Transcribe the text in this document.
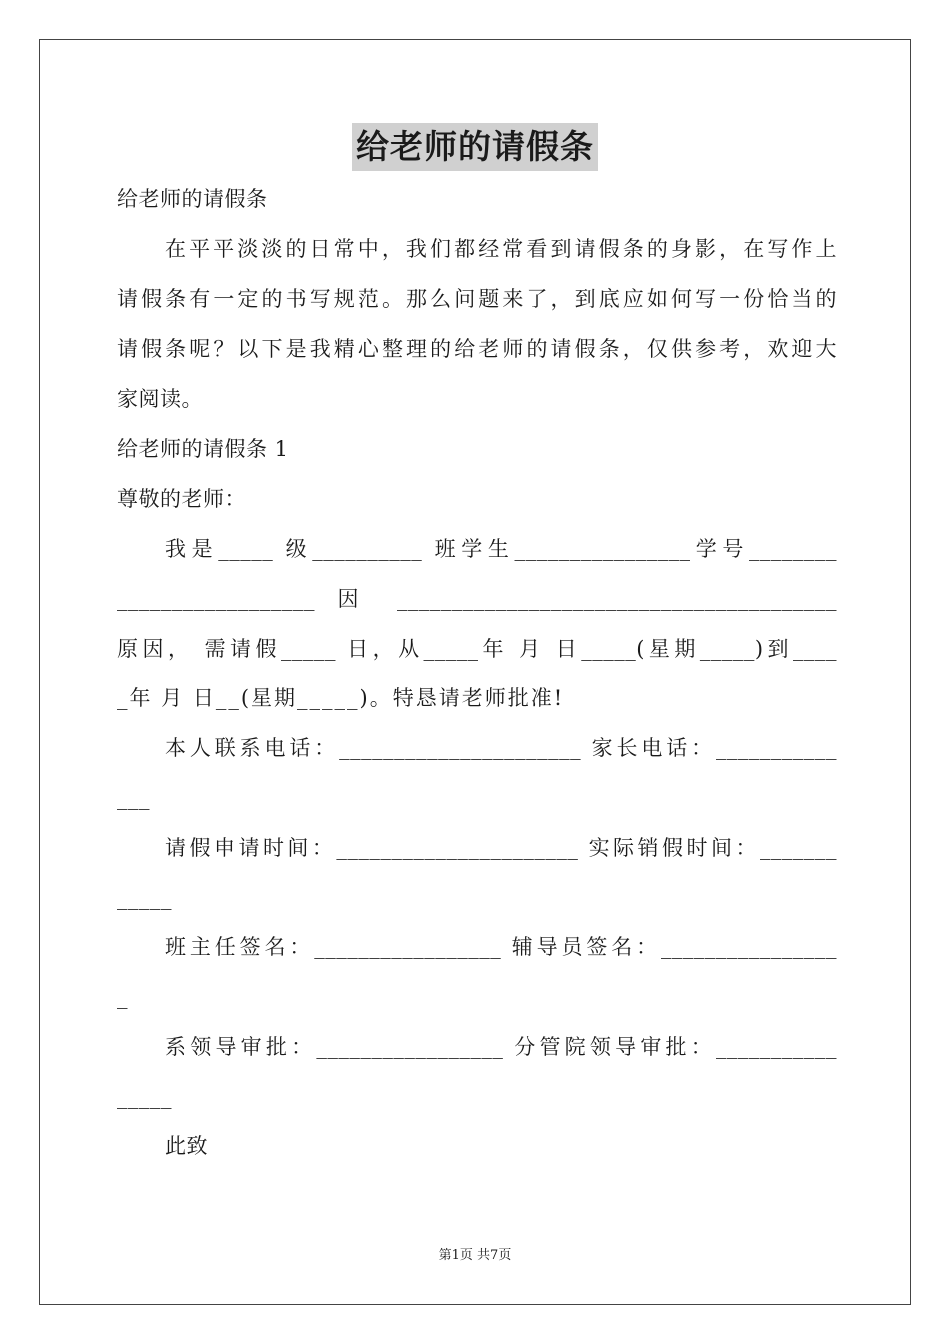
给老师的请假条
给老师的请假条
在平平淡淡的日常中，我们都经常看到请假条的身影，在写作上
请假条有一定的书写规范。那么问题来了，到底应如何写一份恰当的
请假条呢？以下是我精心整理的给老师的请假条，仅供参考，欢迎大
家阅读。
给老师的请假条 1
尊敬的老师：
我是_____ 级__________ 班学生________________学号________
__________________ 因 ________________________________________
原因， 需请假_____ 日，从_____年 月 日_____(星期_____)到____
_年 月 日__(星期_____)。特恳请老师批准!
本人联系电话：______________________ 家长电话：___________
___
请假申请时间：______________________ 实际销假时间：_______
_____
班主任签名：_________________ 辅导员签名：________________
_
系领导审批：_________________ 分管院领导审批：___________
_____
此致
第1页 共7页
